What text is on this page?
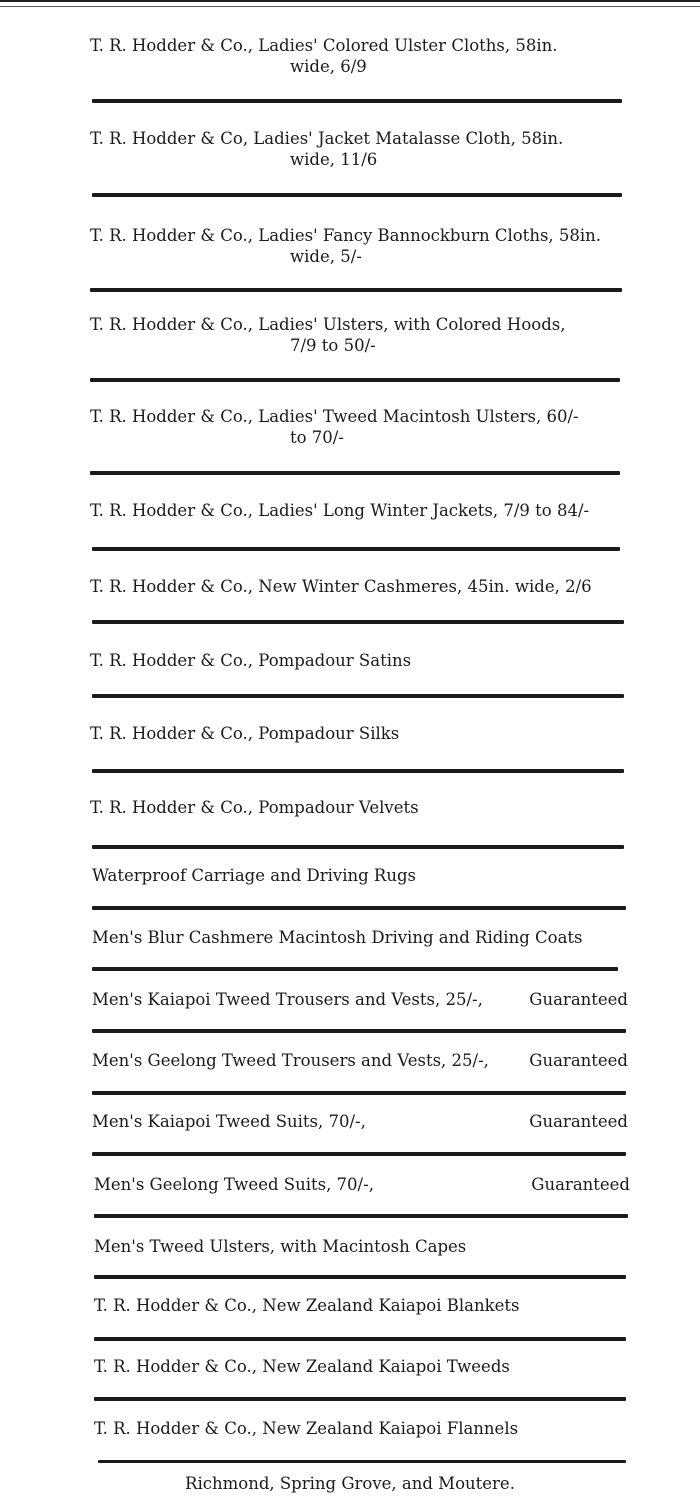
T. R. Hodder & Co., Ladies' Colored Ulster Cloths, 58in.
wide, 6/9
T. R. Hodder & Co, Ladies' Jacket Matalasse Cloth, 58in.
wide, 11/6
T. R. Hodder & Co., Ladies' Fancy Bannockburn Cloths, 58in.
wide, 5/-
T. R. Hodder & Co., Ladies' Ulsters, with Colored Hoods,
7/9 to 50/-
T. R. Hodder & Co., Ladies' Tweed Macintosh Ulsters, 60/-
to 70/-
T. R. Hodder & Co., Ladies' Long Winter Jackets, 7/9 to 84/-
T. R. Hodder & Co., New Winter Cashmeres, 45in. wide, 2/6
T. R. Hodder & Co., Pompadour Satins
T. R. Hodder & Co., Pompadour Silks
T. R. Hodder & Co., Pompadour Velvets
Waterproof Carriage and Driving Rugs
Men's Blur Cashmere Macintosh Driving and Riding Coats
Men's Kaiapoi Tweed Trousers and Vests, 25/-,	Guaranteed
Men's Geelong Tweed Trousers and Vests, 25/-, Guaranteed
Men's Kaiapoi Tweed Suits, 70/-,	Guaranteed
Men's Geelong Tweed Suits, 70/-,	Guaranteed
Men's Tweed Ulsters, with Macintosh Capes
T. R. Hodder & Co., New Zealand Kaiapoi Blankets
T. R. Hodder & Co., New Zealand Kaiapoi Tweeds
T. R. Hodder & Co., New Zealand Kaiapoi Flannels
Richmond, Spring Grove, and Moutere.
